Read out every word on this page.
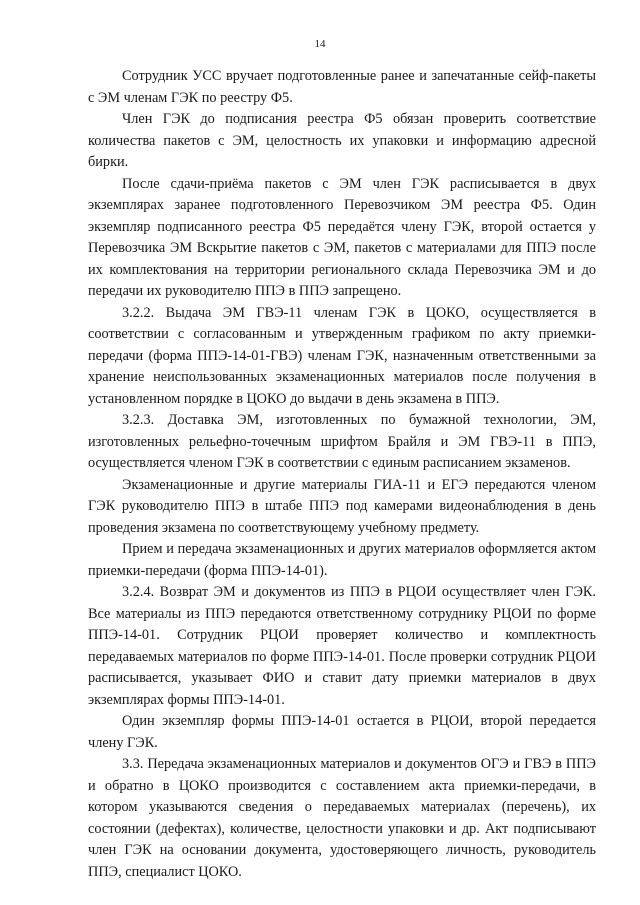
14

Сотрудник УСС вручает подготовленные ранее и запечатанные сейф-пакеты с ЭМ членам ГЭК по реестру Ф5.

Член ГЭК до подписания реестра Ф5 обязан проверить соответствие количества пакетов с ЭМ, целостность их упаковки и информацию адресной бирки.

После сдачи-приёма пакетов с ЭМ член ГЭК расписывается в двух экземплярах заранее подготовленного Перевозчиком ЭМ реестра Ф5. Один экземпляр подписанного реестра Ф5 передаётся члену ГЭК, второй остается у Перевозчика ЭМ Вскрытие пакетов с ЭМ, пакетов с материалами для ППЭ после их комплектования на территории регионального склада Перевозчика ЭМ и до передачи их руководителю ППЭ в ППЭ запрещено.

3.2.2. Выдача ЭМ ГВЭ-11 членам ГЭК в ЦОКО, осуществляется в соответствии с согласованным и утвержденным графиком по акту приемки-передачи (форма ППЭ-14-01-ГВЭ) членам ГЭК, назначенным ответственными за хранение неиспользованных экзаменационных материалов после получения в установленном порядке в ЦОКО до выдачи в день экзамена в ППЭ.

3.2.3. Доставка ЭМ, изготовленных по бумажной технологии, ЭМ, изготовленных рельефно-точечным шрифтом Брайля и ЭМ ГВЭ-11 в ППЭ, осуществляется членом ГЭК в соответствии с единым расписанием экзаменов.

Экзаменационные и другие материалы ГИА-11 и ЕГЭ передаются членом ГЭК руководителю ППЭ в штабе ППЭ под камерами видеонаблюдения в день проведения экзамена по соответствующему учебному предмету.

Прием и передача экзаменационных и других материалов оформляется актом приемки-передачи (форма ППЭ-14-01).

3.2.4. Возврат ЭМ и документов из ППЭ в РЦОИ осуществляет член ГЭК. Все материалы из ППЭ передаются ответственному сотруднику РЦОИ по форме ППЭ-14-01. Сотрудник РЦОИ проверяет количество и комплектность передаваемых материалов по форме ППЭ-14-01. После проверки сотрудник РЦОИ расписывается, указывает ФИО и ставит дату приемки материалов в двух экземплярах формы ППЭ-14-01.

Один экземпляр формы ППЭ-14-01 остается в РЦОИ, второй передается члену ГЭК.

3.3. Передача экзаменационных материалов и документов ОГЭ и ГВЭ в ППЭ и обратно в ЦОКО производится с составлением акта приемки-передачи, в котором указываются сведения о передаваемых материалах (перечень), их состоянии (дефектах), количестве, целостности упаковки и др. Акт подписывают член ГЭК на основании документа, удостоверяющего личность, руководитель ППЭ, специалист ЦОКО.
